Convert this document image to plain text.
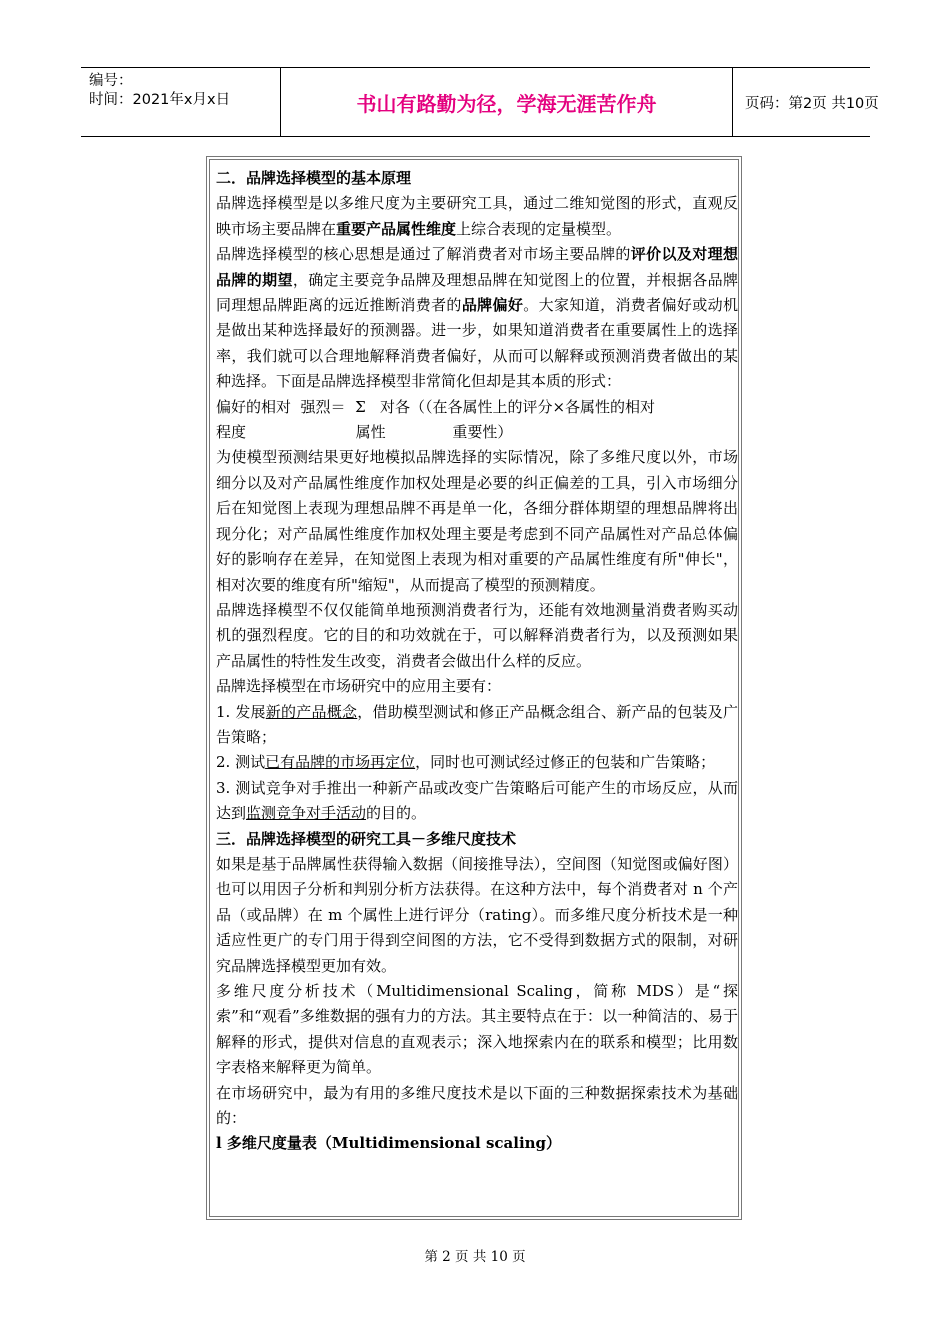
编号：
时间：2021年x月x日	书山有路勤为径，学海无涯苦作舟	页码：第2页 共10页

二．品牌选择模型的基本原理

品牌选择模型是以多维尺度为主要研究工具，通过二维知觉图的形式，直观反映市场主要品牌在重要产品属性维度上综合表现的定量模型。

品牌选择模型的核心思想是通过了解消费者对市场主要品牌的评价以及对理想品牌的期望，确定主要竞争品牌及理想品牌在知觉图上的位置，并根据各品牌同理想品牌距离的远近推断消费者的品牌偏好。大家知道，消费者偏好或动机是做出某种选择最好的预测器。进一步，如果知道消费者在重要属性上的选择率，我们就可以合理地解释消费者偏好，从而可以解释或预测消费者做出的某种选择。下面是品牌选择模型非常简化但却是其本质的形式：

偏好的相对  强烈＝  Σ   对各（（在各属性上的评分×各属性的相对

程度                       属性              重要性）

为使模型预测结果更好地模拟品牌选择的实际情况，除了多维尺度以外，市场细分以及对产品属性维度作加权处理是必要的纠正偏差的工具，引入市场细分后在知觉图上表现为理想品牌不再是单一化，各细分群体期望的理想品牌将出现分化；对产品属性维度作加权处理主要是考虑到不同产品属性对产品总体偏好的影响存在差异，在知觉图上表现为相对重要的产品属性维度有所"伸长"，相对次要的维度有所"缩短"，从而提高了模型的预测精度。

品牌选择模型不仅仅能简单地预测消费者行为，还能有效地测量消费者购买动机的强烈程度。它的目的和功效就在于，可以解释消费者行为，以及预测如果产品属性的特性发生改变，消费者会做出什么样的反应。

品牌选择模型在市场研究中的应用主要有：

1. 发展新的产品概念，借助模型测试和修正产品概念组合、新产品的包装及广告策略；

2. 测试已有品牌的市场再定位，同时也可测试经过修正的包装和广告策略；

3. 测试竞争对手推出一种新产品或改变广告策略后可能产生的市场反应，从而达到监测竞争对手活动的目的。

三．品牌选择模型的研究工具－多维尺度技术

如果是基于品牌属性获得输入数据（间接推导法），空间图（知觉图或偏好图）也可以用因子分析和判别分析方法获得。在这种方法中，每个消费者对 n 个产品（或品牌）在 m 个属性上进行评分（rating）。而多维尺度分析技术是一种适应性更广的专门用于得到空间图的方法，它不受得到数据方式的限制，对研究品牌选择模型更加有效。

多维尺度分析技术（Multidimensional Scaling，简称 MDS）是“探索”和“观看”多维数据的强有力的方法。其主要特点在于：以一种简洁的、易于解释的形式，提供对信息的直观表示；深入地探索内在的联系和模型；比用数字表格来解释更为简单。

在市场研究中，最为有用的多维尺度技术是以下面的三种数据探索技术为基础的：

l 多维尺度量表（Multidimensional scaling）

第 2 页 共 10 页
